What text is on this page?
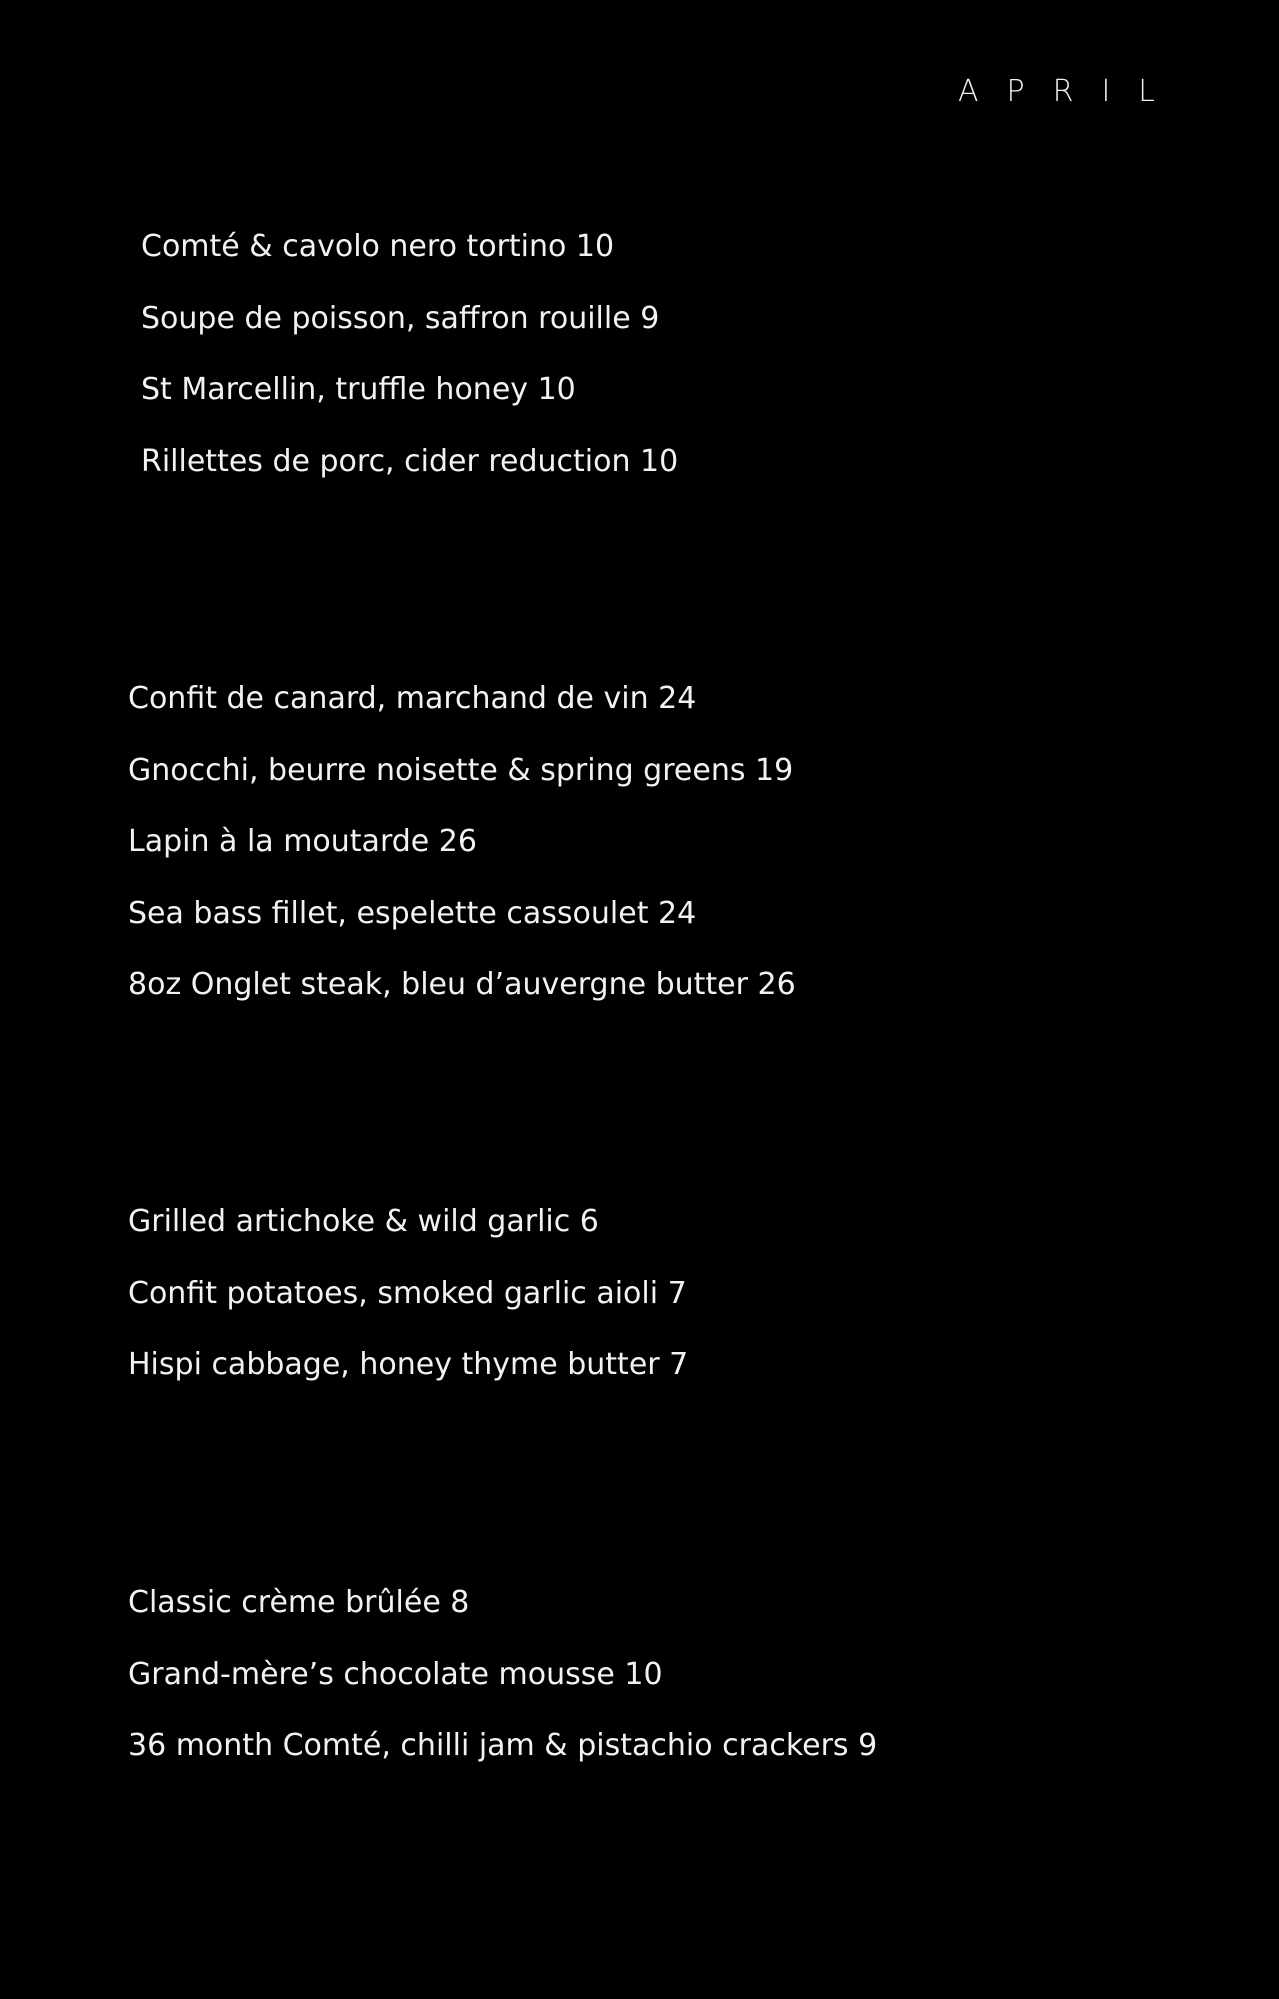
APRIL
Comté & cavolo nero tortino 10
Soupe de poisson, saffron rouille 9
St Marcellin, truffle honey 10
Rillettes de porc, cider reduction 10
Confit de canard, marchand de vin 24
Gnocchi, beurre noisette & spring greens 19
Lapin à la moutarde 26
Sea bass fillet, espelette cassoulet 24
8oz Onglet steak, bleu d’auvergne butter 26
Grilled artichoke & wild garlic 6
Confit potatoes, smoked garlic aioli 7
Hispi cabbage, honey thyme butter 7
Classic crème brûlée 8
Grand-mère’s chocolate mousse 10
36 month Comté, chilli jam & pistachio crackers 9
